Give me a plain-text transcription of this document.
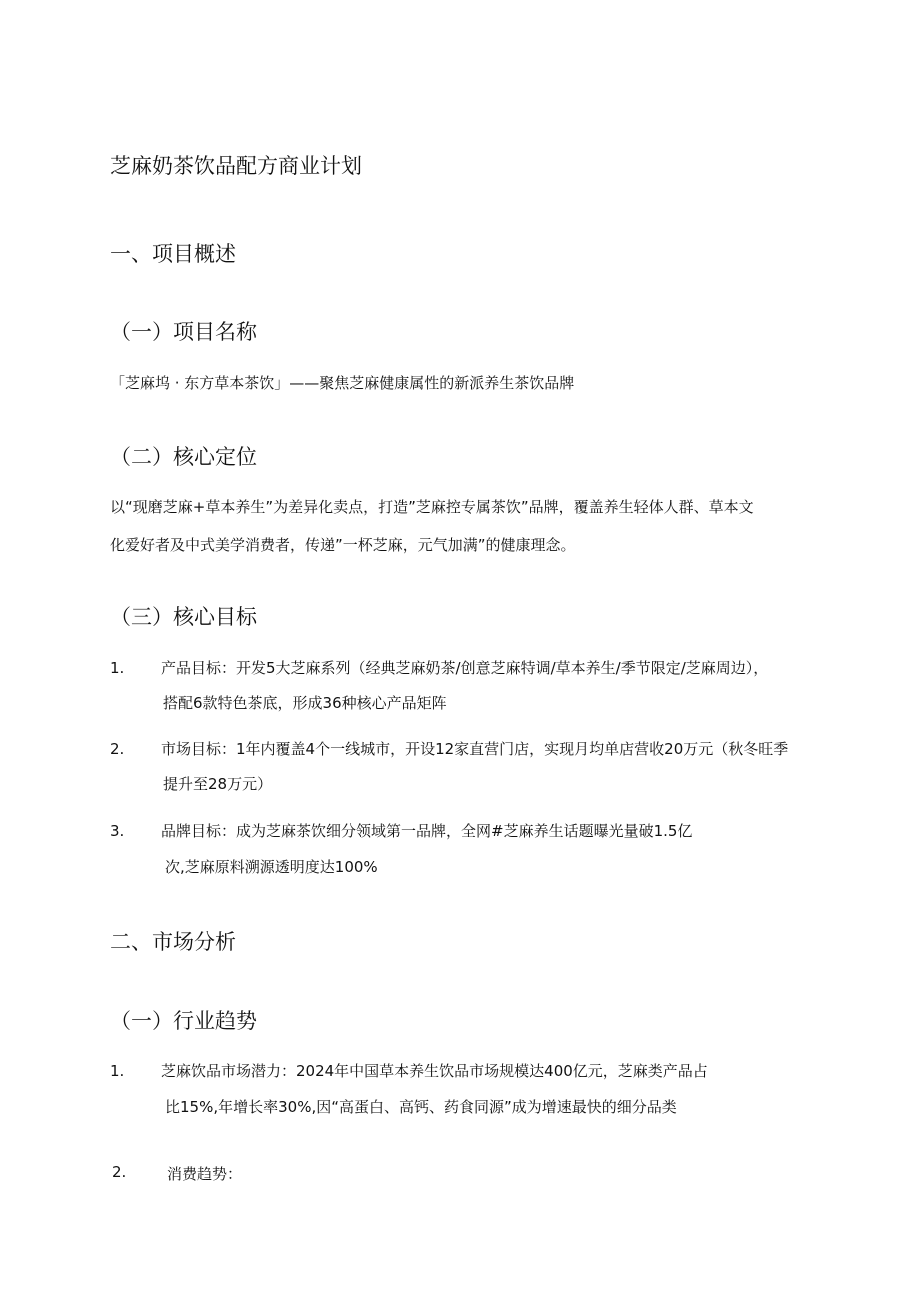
芝麻奶茶饮品配方商业计划
一、项目概述
（一）项目名称
「芝麻坞 · 东方草本茶饮」——聚焦芝麻健康属性的新派养生茶饮品牌
（二）核心定位
以“现磨芝麻+草本养生”为差异化卖点，打造”芝麻控专属茶饮”品牌，覆盖养生轻体人群、草本文
化爱好者及中式美学消费者，传递”一杯芝麻，元气加满”的健康理念。
（三）核心目标
1. 产品目标：开发5大芝麻系列（经典芝麻奶茶/创意芝麻特调/草本养生/季节限定/芝麻周边），
搭配6款特色茶底，形成36种核心产品矩阵
2. 市场目标：1年内覆盖4个一线城市，开设12家直营门店，实现月均单店营收20万元（秋冬旺季
提升至28万元）
3. 品牌目标：成为芝麻茶饮细分领域第一品牌，全网#芝麻养生话题曝光量破1.5亿
次,芝麻原料溯源透明度达100%
二、市场分析
（一）行业趋势
1. 芝麻饮品市场潜力：2024年中国草本养生饮品市场规模达400亿元，芝麻类产品占
比15%,年增长率30%,因“高蛋白、高钙、药食同源”成为增速最快的细分品类
2.	消费趋势：
